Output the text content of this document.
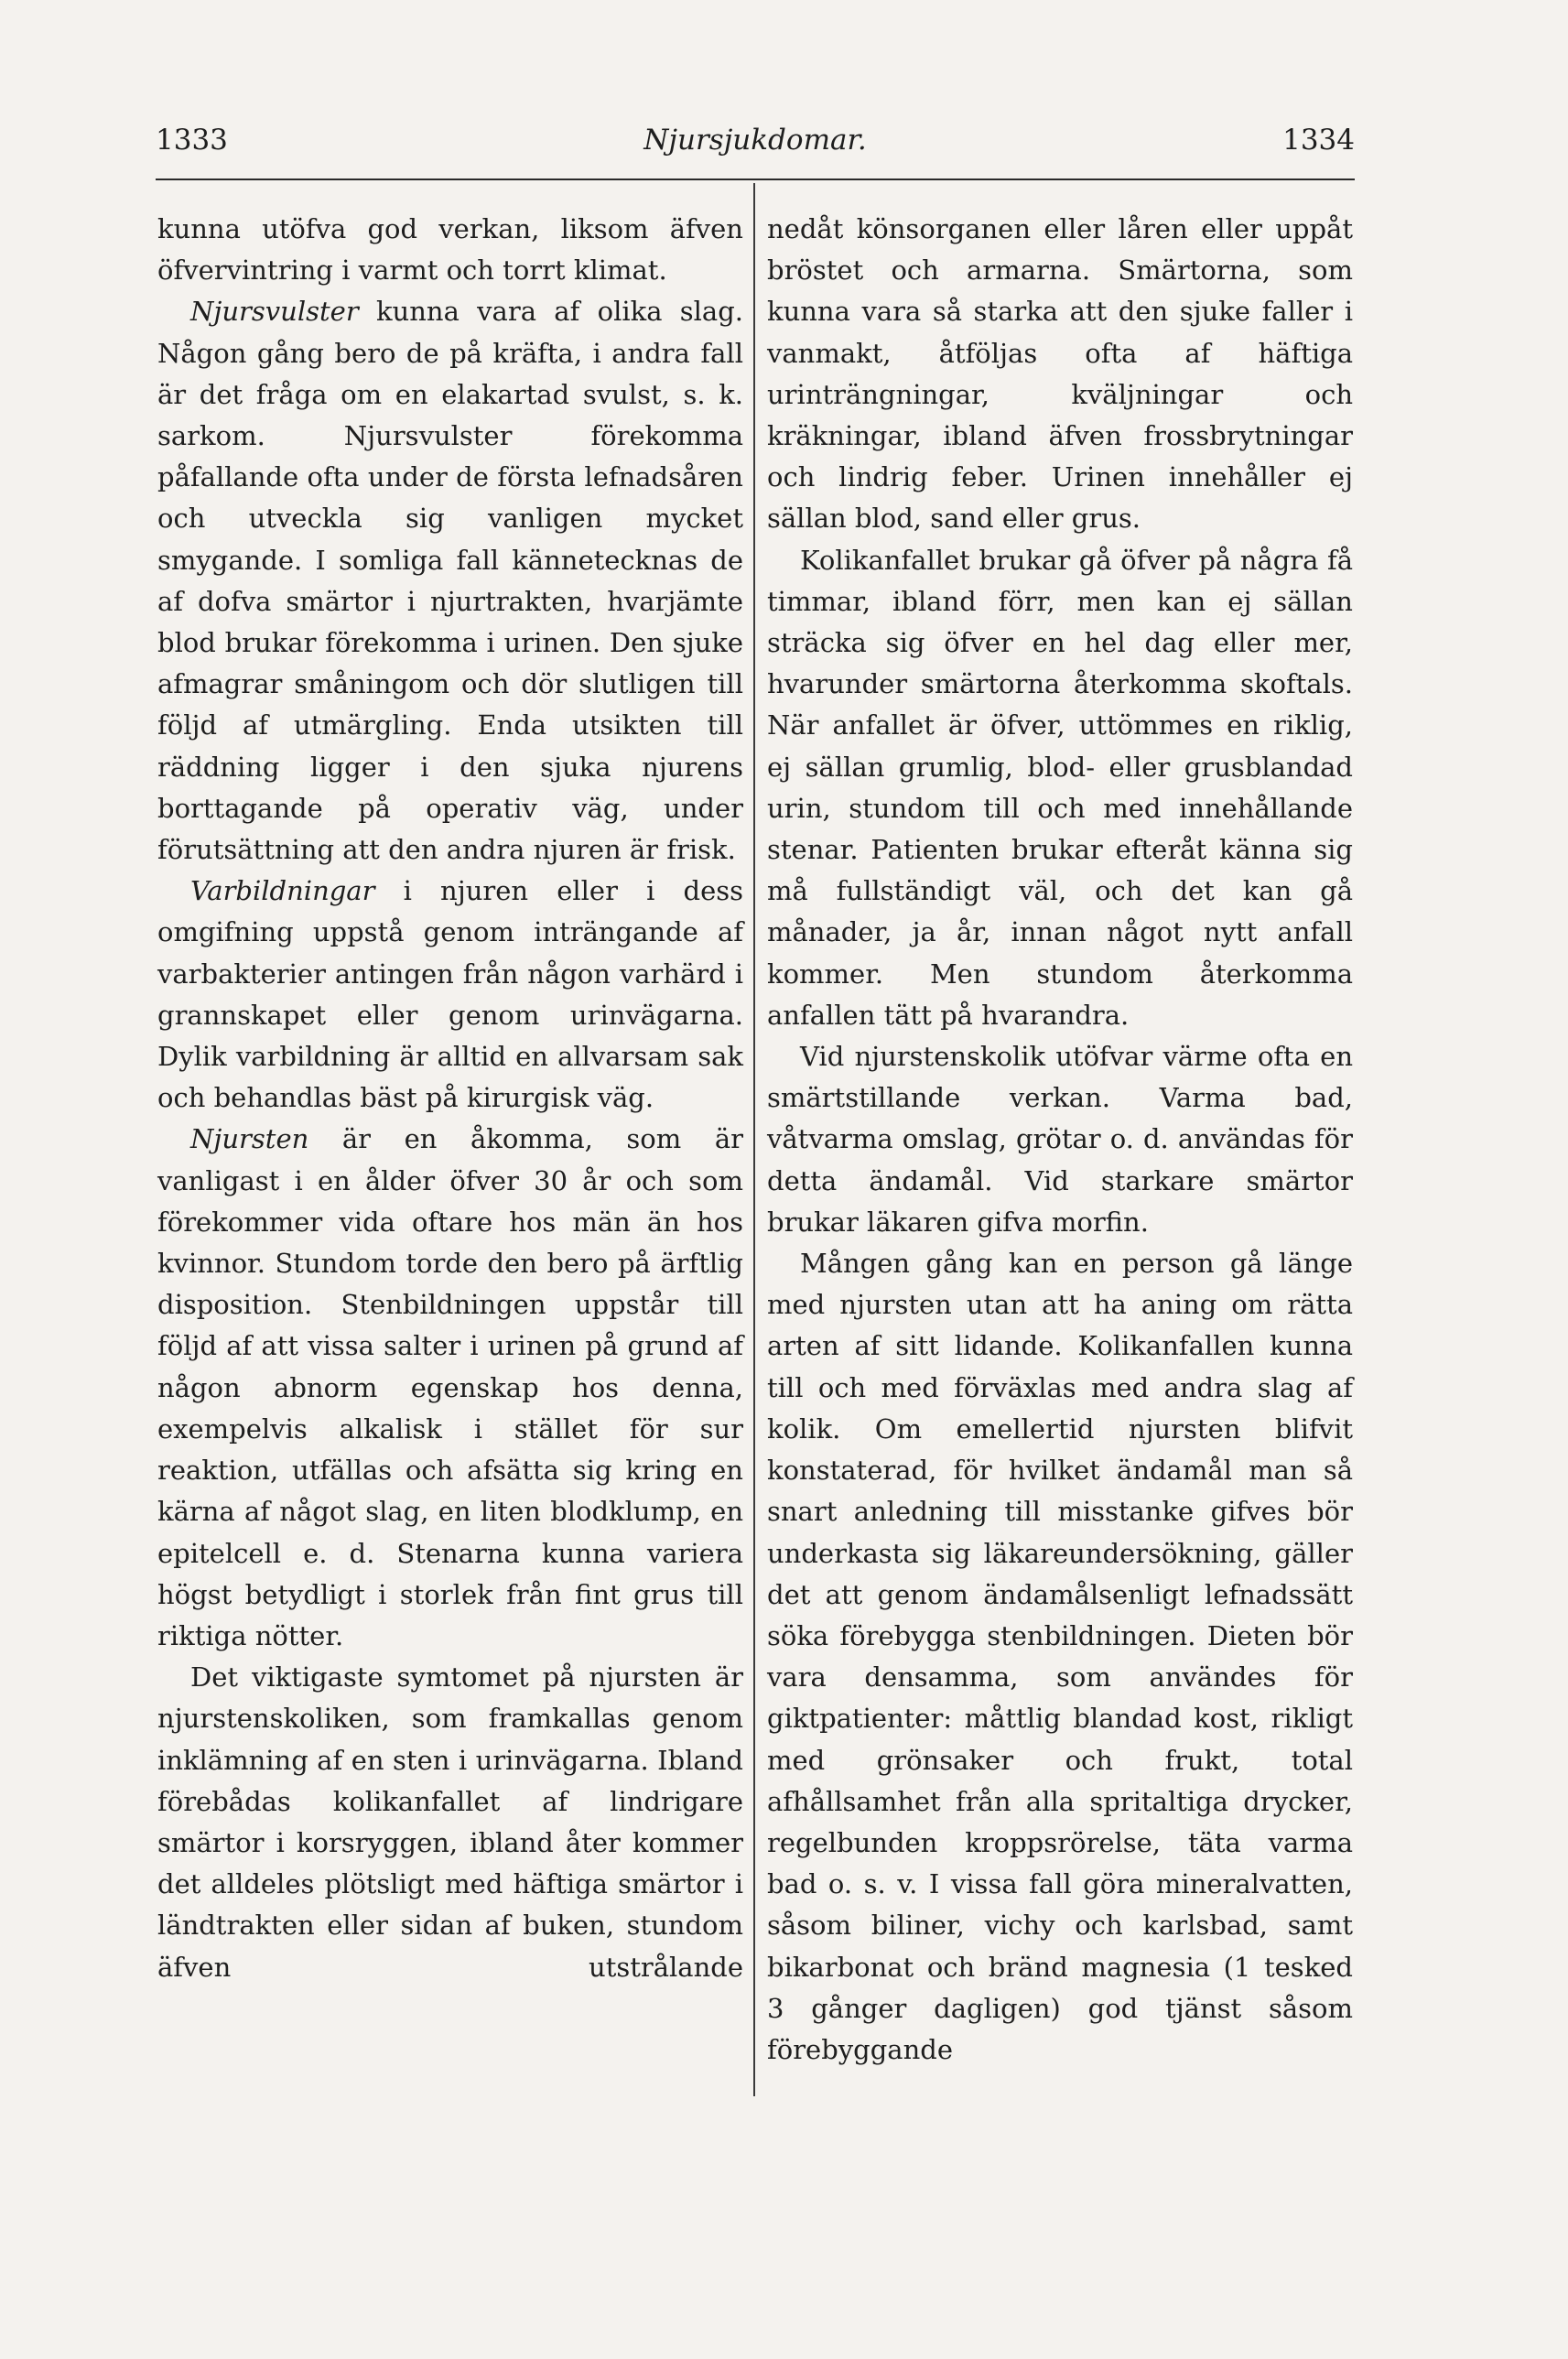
1333	Njursjukdomar.	1334

kunna utöfva god verkan, liksom äfven öfvervintring i varmt och torrt klimat.

Njursvulster kunna vara af olika slag. Någon gång bero de på kräfta, i andra fall är det fråga om en elakartad svulst, s. k. sarkom. Njursvulster förekomma påfallande ofta under de första lefnadsåren och utveckla sig vanligen mycket smygande. I somliga fall kännetecknas de af dofva smärtor i njurtrakten, hvarjämte blod brukar förekomma i urinen. Den sjuke afmagrar småningom och dör slutligen till följd af utmärgling. Enda utsikten till räddning ligger i den sjuka njurens borttagande på operativ väg, under förutsättning att den andra njuren är frisk.

Varbildningar i njuren eller i dess omgifning uppstå genom inträngande af varbakterier antingen från någon varhärd i grannskapet eller genom urinvägarna. Dylik varbildning är alltid en allvarsam sak och behandlas bäst på kirurgisk väg.

Njursten är en åkomma, som är vanligast i en ålder öfver 30 år och som förekommer vida oftare hos män än hos kvinnor. Stundom torde den bero på ärftlig disposition. Stenbildningen uppstår till följd af att vissa salter i urinen på grund af någon abnorm egenskap hos denna, exempelvis alkalisk i stället för sur reaktion, utfällas och afsätta sig kring en kärna af något slag, en liten blodklump, en epitelcell e. d. Stenarna kunna variera högst betydligt i storlek från fint grus till riktiga nötter.

Det viktigaste symtomet på njursten är njurstenskoliken, som framkallas genom inklämning af en sten i urinvägarna. Ibland förebådas kolikanfallet af lindrigare smärtor i korsryggen, ibland åter kommer det alldeles plötsligt med häftiga smärtor i ländtrakten eller sidan af buken, stundom äfven utstrålande

nedåt könsorganen eller låren eller uppåt bröstet och armarna. Smärtorna, som kunna vara så starka att den sjuke faller i vanmakt, åtföljas ofta af häftiga urinträngningar, kväljningar och kräkningar, ibland äfven frossbrytningar och lindrig feber. Urinen innehåller ej sällan blod, sand eller grus.

Kolikanfallet brukar gå öfver på några få timmar, ibland förr, men kan ej sällan sträcka sig öfver en hel dag eller mer, hvarunder smärtorna återkomma skoftals. När anfallet är öfver, uttömmes en riklig, ej sällan grumlig, blod- eller grusblandad urin, stundom till och med innehållande stenar. Patienten brukar efteråt känna sig må fullständigt väl, och det kan gå månader, ja år, innan något nytt anfall kommer. Men stundom återkomma anfallen tätt på hvarandra.

Vid njurstenskolik utöfvar värme ofta en smärtstillande verkan. Varma bad, våtvarma omslag, grötar o. d. användas för detta ändamål. Vid starkare smärtor brukar läkaren gifva morfin.

Mången gång kan en person gå länge med njursten utan att ha aning om rätta arten af sitt lidande. Kolikanfallen kunna till och med förväxlas med andra slag af kolik. Om emellertid njursten blifvit konstaterad, för hvilket ändamål man så snart anledning till misstanke gifves bör underkasta sig läkareundersökning, gäller det att genom ändamålsenligt lefnadssätt söka förebygga stenbildningen. Dieten bör vara densamma, som användes för giktpatienter: måttlig blandad kost, rikligt med grönsaker och frukt, total afhållsamhet från alla spritaltiga drycker, regelbunden kroppsrörelse, täta varma bad o. s. v. I vissa fall göra mineralvatten, såsom biliner, vichy och karlsbad, samt bikarbonat och bränd magnesia (1 tesked 3 gånger dagligen) god tjänst såsom förebyggande
